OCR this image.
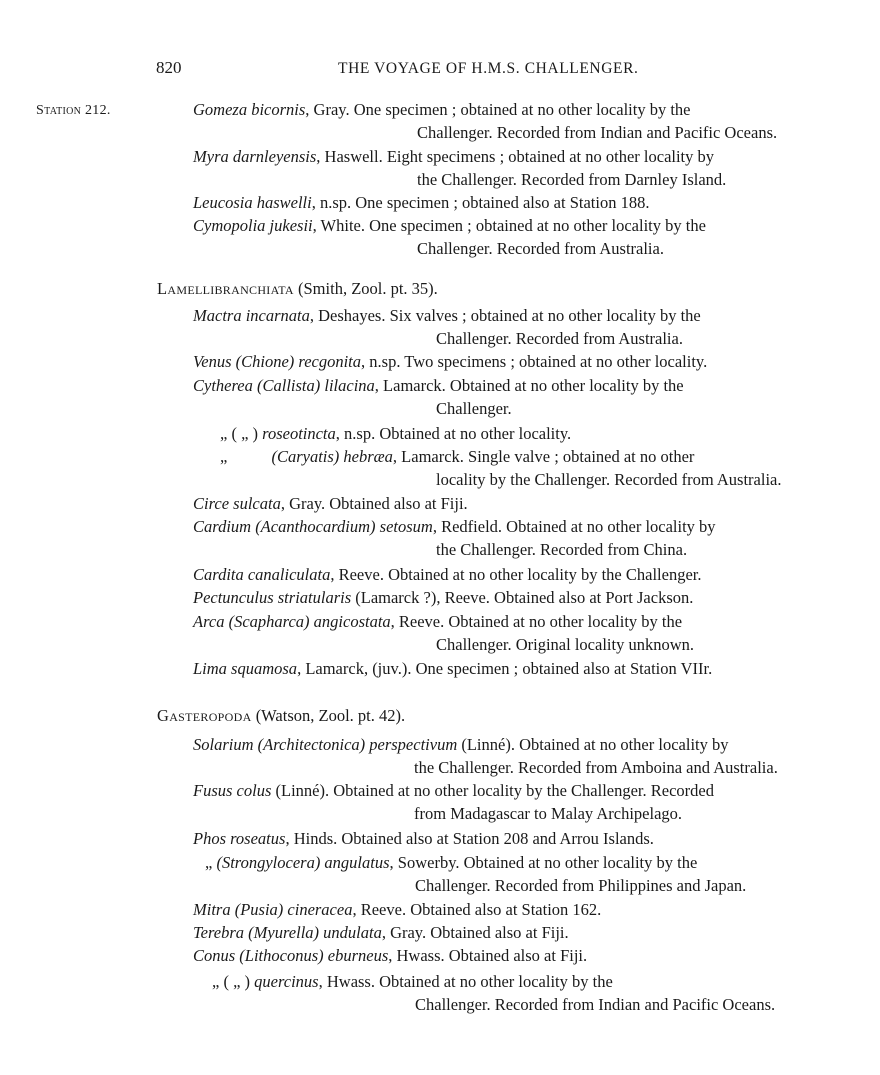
820	THE VOYAGE OF H.M.S. CHALLENGER.
Station 212.	Gomeza bicornis, Gray. One specimen ; obtained at no other locality by the
Challenger. Recorded from Indian and Pacific Oceans.
Myra darnleyensis, Haswell. Eight specimens ; obtained at no other locality by
the Challenger. Recorded from Darnley Island.
Leucosia haswelli, n.sp. One specimen ; obtained also at Station 188.
Cymopolia jukesii, White. One specimen ; obtained at no other locality by the
Challenger. Recorded from Australia.
Lamellibranchiata (Smith, Zool. pt. 35).
Mactra incarnata, Deshayes. Six valves ; obtained at no other locality by the
Challenger. Recorded from Australia.
Venus (Chione) recgonita, n.sp. Two specimens ; obtained at no other locality.
Cytherea (Callista) lilacina, Lamarck. Obtained at no other locality by the
Challenger.
„ ( „ ) roseotincta, n.sp. Obtained at no other locality.
„	(Caryatis) hebræa, Lamarck. Single valve ; obtained at no other
locality by the Challenger. Recorded from Australia.
Circe sulcata, Gray. Obtained also at Fiji.
Cardium (Acanthocardium) setosum, Redfield. Obtained at no other locality by
the Challenger. Recorded from China.
Cardita canaliculata, Reeve. Obtained at no other locality by the Challenger.
Pectunculus striatularis (Lamarck ?), Reeve. Obtained also at Port Jackson.
Arca (Scapharca) angicostata, Reeve. Obtained at no other locality by the
Challenger. Original locality unknown.
Lima squamosa, Lamarck, (juv.). One specimen ; obtained also at Station VIIr.
Gasteropoda (Watson, Zool. pt. 42).
Solarium (Architectonica) perspectivum (Linné). Obtained at no other locality by
the Challenger. Recorded from Amboina and Australia.
Fusus colus (Linné). Obtained at no other locality by the Challenger. Recorded
from Madagascar to Malay Archipelago.
Phos roseatus, Hinds. Obtained also at Station 208 and Arrou Islands.
„ (Strongylocera) angulatus, Sowerby. Obtained at no other locality by the
Challenger. Recorded from Philippines and Japan.
Mitra (Pusia) cineracea, Reeve. Obtained also at Station 162.
Terebra (Myurella) undulata, Gray. Obtained also at Fiji.
Conus (Lithoconus) eburneus, Hwass. Obtained also at Fiji.
„ ( „ ) quercinus, Hwass. Obtained at no other locality by the
Challenger. Recorded from Indian and Pacific Oceans.
